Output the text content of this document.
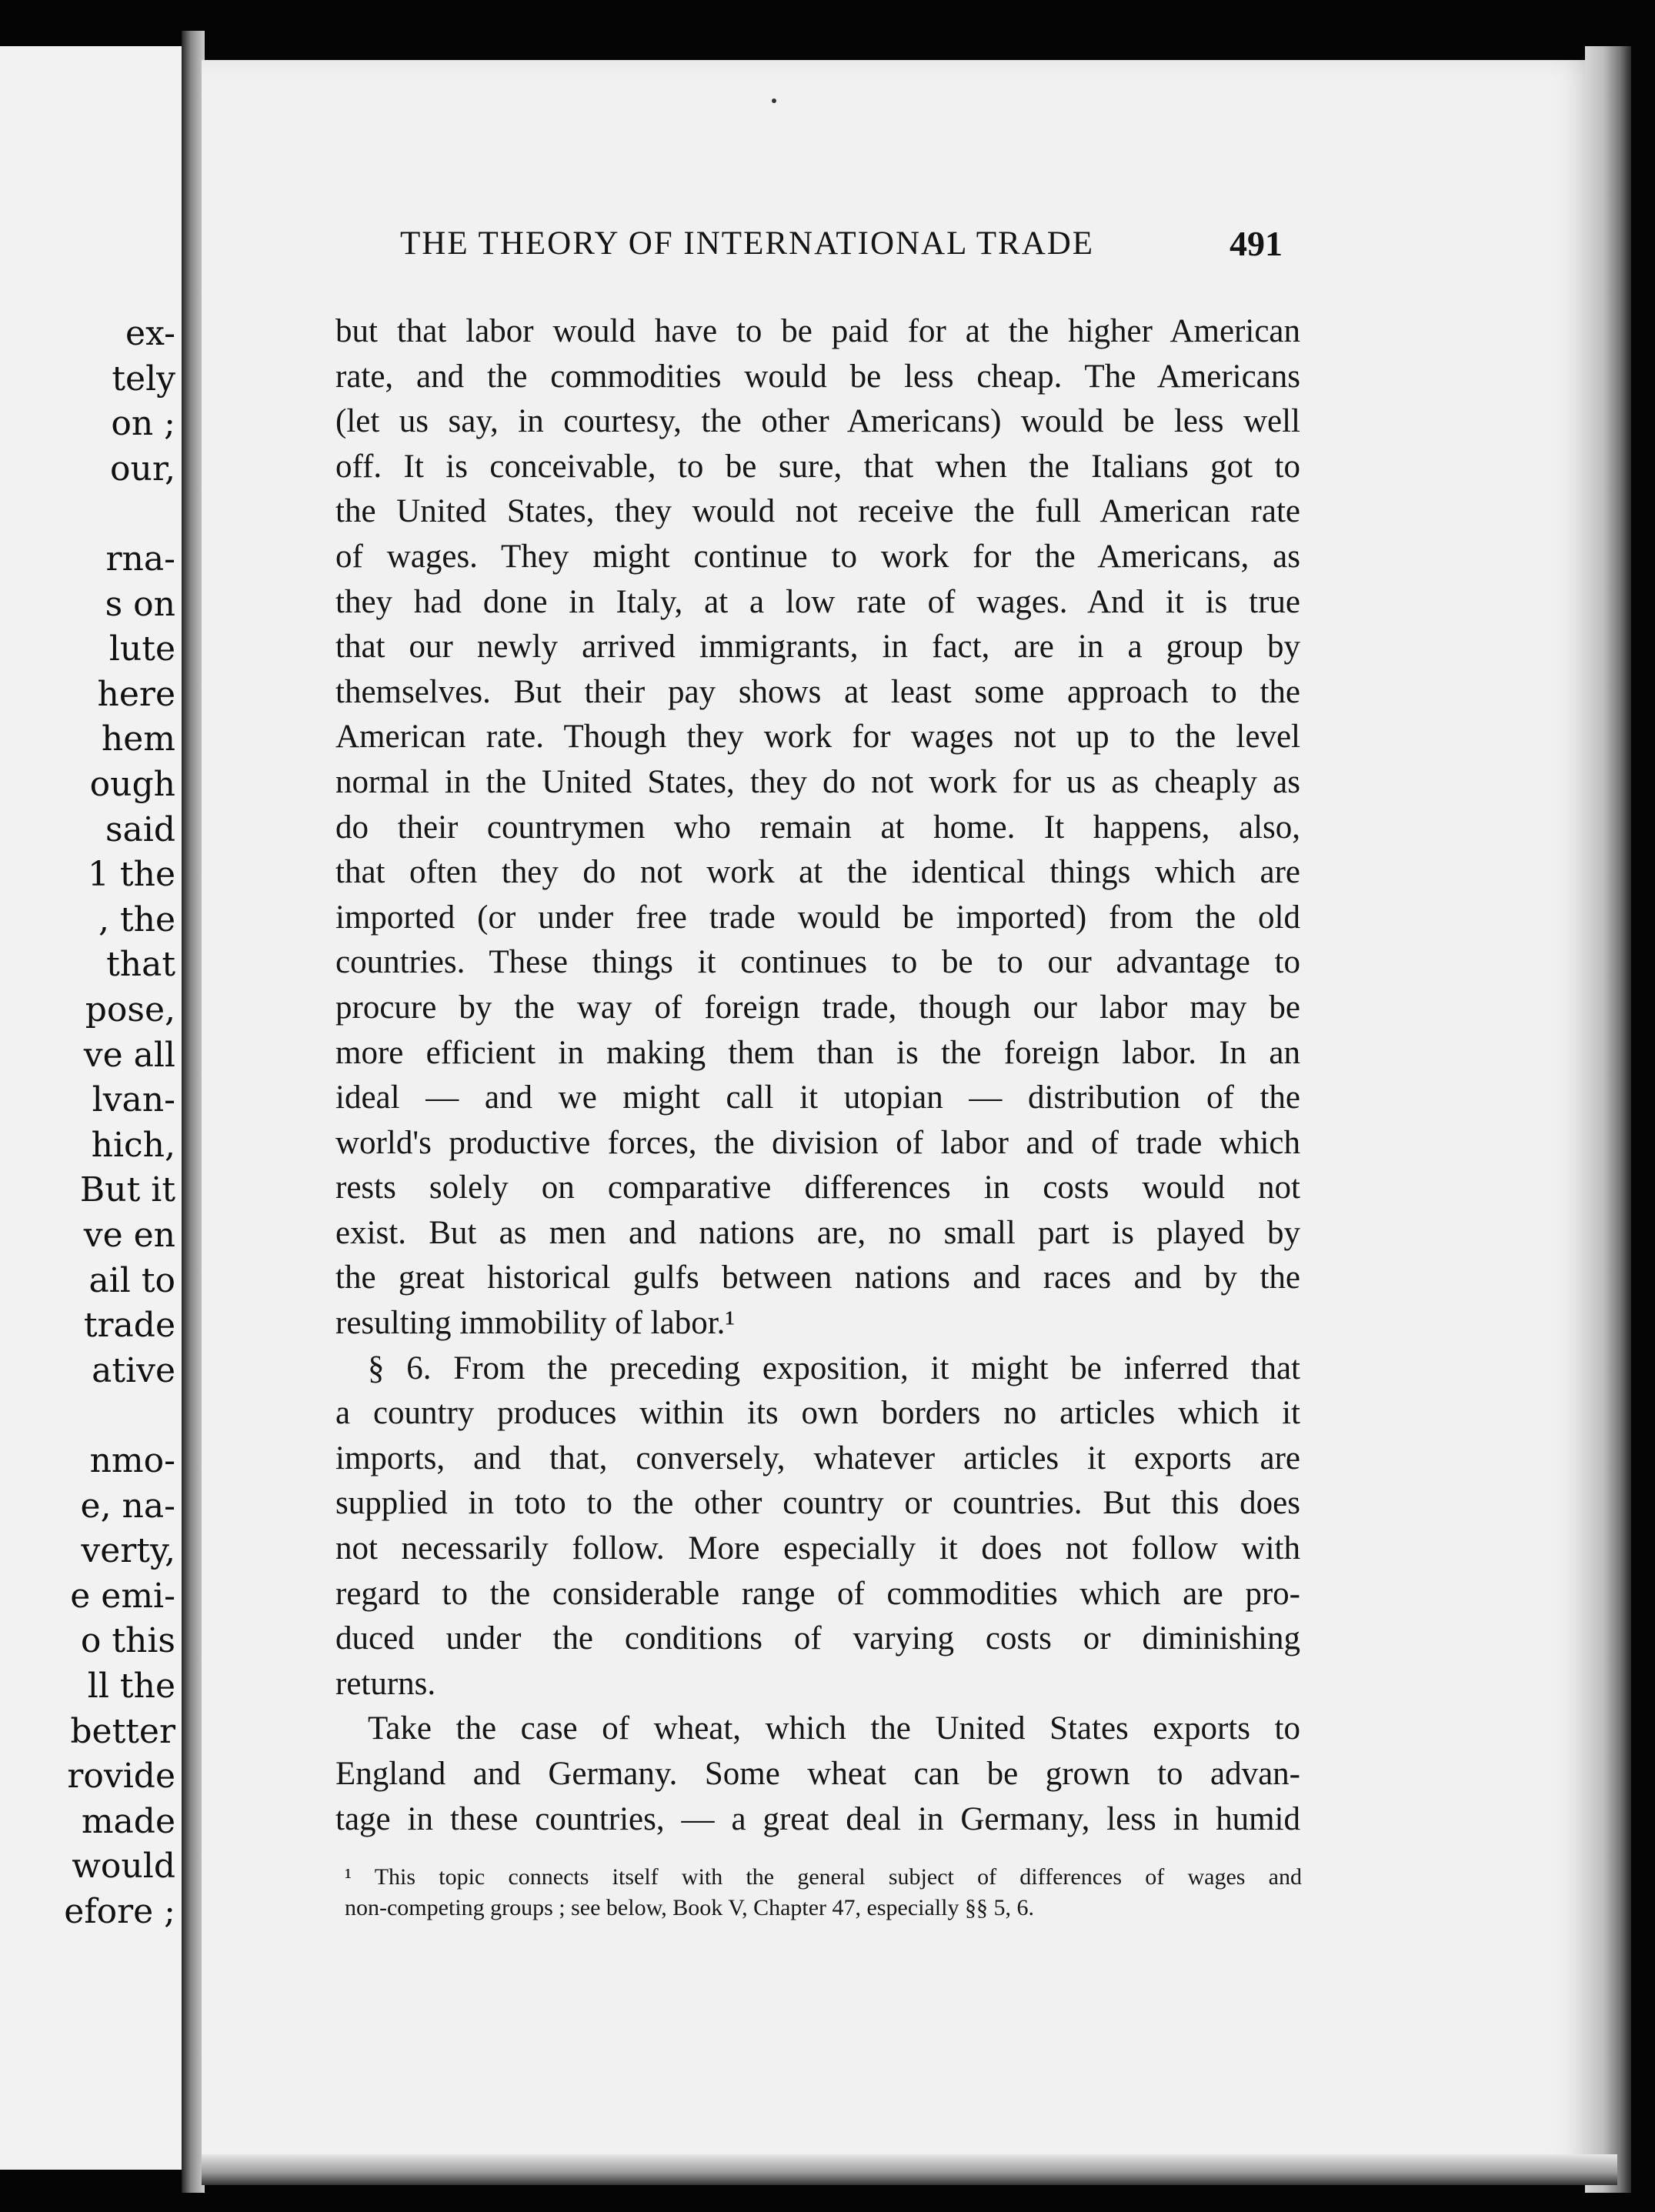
ex-
tely
on ;
our,
rna-
s on
lute
here
hem
ough
said
1 the
, the
that
pose,
ve all
lvan-
hich,
But it
ve en
ail to
trade
ative
nmo-
e, na-
verty,
e emi-
o this
ll the
better
rovide
made
would
efore ;
THE THEORY OF INTERNATIONAL TRADE	491
but that labor would have to be paid for at the higher American
rate, and the commodities would be less cheap. The Americans
(let us say, in courtesy, the other Americans) would be less well
off. It is conceivable, to be sure, that when the Italians got to
the United States, they would not receive the full American rate
of wages. They might continue to work for the Americans, as
they had done in Italy, at a low rate of wages. And it is true
that our newly arrived immigrants, in fact, are in a group by
themselves. But their pay shows at least some approach to the
American rate. Though they work for wages not up to the level
normal in the United States, they do not work for us as cheaply as
do their countrymen who remain at home. It happens, also,
that often they do not work at the identical things which are
imported (or under free trade would be imported) from the old
countries. These things it continues to be to our advantage to
procure by the way of foreign trade, though our labor may be
more efficient in making them than is the foreign labor. In an
ideal — and we might call it utopian — distribution of the
world's productive forces, the division of labor and of trade which
rests solely on comparative differences in costs would not
exist. But as men and nations are, no small part is played by
the great historical gulfs between nations and races and by the
resulting immobility of labor.¹
§ 6. From the preceding exposition, it might be inferred that
a country produces within its own borders no articles which it
imports, and that, conversely, whatever articles it exports are
supplied in toto to the other country or countries. But this does
not necessarily follow. More especially it does not follow with
regard to the considerable range of commodities which are pro-
duced under the conditions of varying costs or diminishing
returns.
Take the case of wheat, which the United States exports to
England and Germany. Some wheat can be grown to advan-
tage in these countries, — a great deal in Germany, less in humid
¹ This topic connects itself with the general subject of differences of wages and
non-competing groups ; see below, Book V, Chapter 47, especially §§ 5, 6.
